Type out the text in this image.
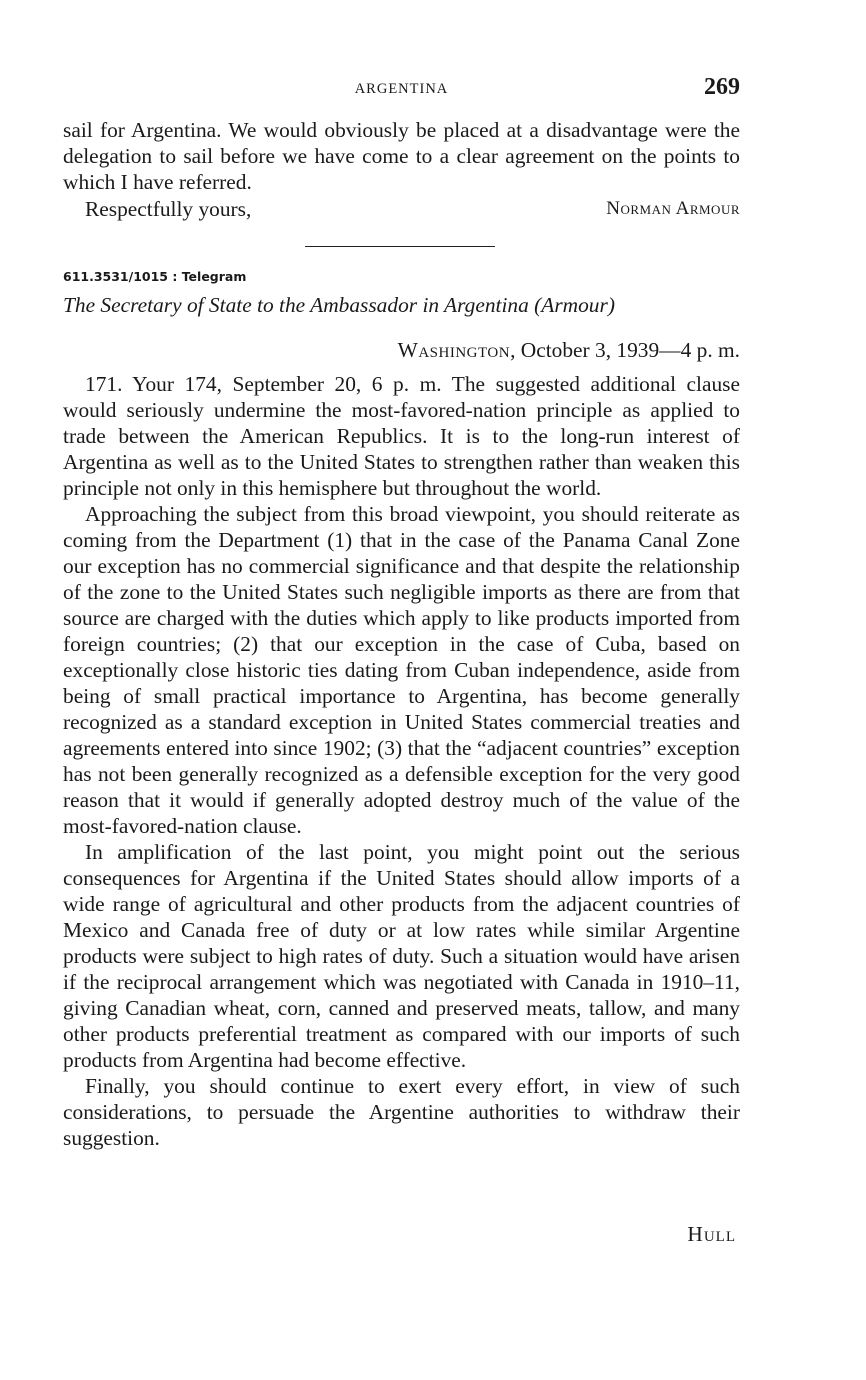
ARGENTINA	269

sail for Argentina. We would obviously be placed at a disadvantage were the delegation to sail before we have come to a clear agreement on the points to which I have referred.

Respectfully yours,	Norman Armour
611.3531/1015 : Telegram
The Secretary of State to the Ambassador in Argentina (Armour)
Washington, October 3, 1939—4 p. m.

171. Your 174, September 20, 6 p. m. The suggested additional clause would seriously undermine the most-favored-nation principle as applied to trade between the American Republics. It is to the long-run interest of Argentina as well as to the United States to strengthen rather than weaken this principle not only in this hemisphere but throughout the world.

Approaching the subject from this broad viewpoint, you should reiterate as coming from the Department (1) that in the case of the Panama Canal Zone our exception has no commercial significance and that despite the relationship of the zone to the United States such negligible imports as there are from that source are charged with the duties which apply to like products imported from foreign countries; (2) that our exception in the case of Cuba, based on exceptionally close historic ties dating from Cuban independence, aside from being of small practical importance to Argentina, has become generally recognized as a standard exception in United States commercial treaties and agreements entered into since 1902; (3) that the “adjacent countries” exception has not been generally recognized as a defensible exception for the very good reason that it would if generally adopted destroy much of the value of the most-favored-nation clause.

In amplification of the last point, you might point out the serious consequences for Argentina if the United States should allow imports of a wide range of agricultural and other products from the adjacent countries of Mexico and Canada free of duty or at low rates while similar Argentine products were subject to high rates of duty. Such a situation would have arisen if the reciprocal arrangement which was negotiated with Canada in 1910–11, giving Canadian wheat, corn, canned and preserved meats, tallow, and many other products preferential treatment as compared with our imports of such products from Argentina had become effective.

Finally, you should continue to exert every effort, in view of such considerations, to persuade the Argentine authorities to withdraw their suggestion.

Hull
